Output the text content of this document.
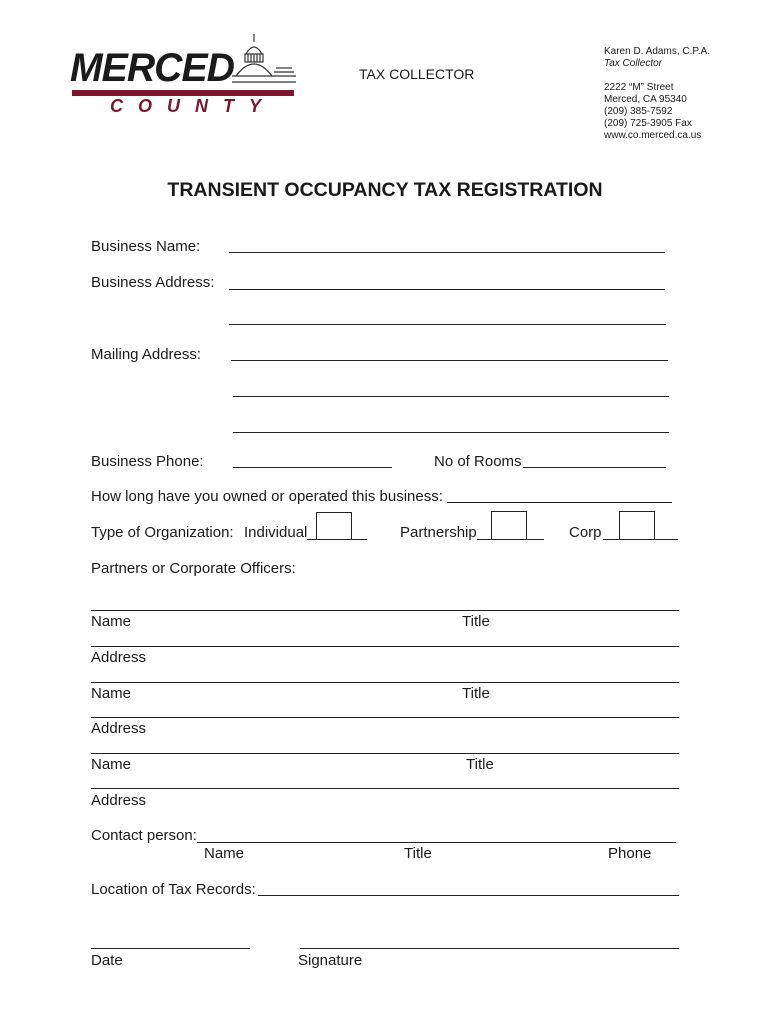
MERCED
COUNTY
TAX COLLECTOR
Karen D. Adams, C.P.A.
Tax Collector
2222 “M” Street
Merced, CA 95340
(209) 385-7592
(209) 725-3905 Fax
www.co.merced.ca.us
TRANSIENT OCCUPANCY TAX REGISTRATION
Business Name:
Business Address:
Mailing Address:
Business Phone:	No of Rooms
How long have you owned or operated this business:
Type of Organization: Individual	Partnership	Corp
Partners or Corporate Officers:
Name	Title
Address
Name	Title
Address
Name	Title
Address
Contact person:
Name	Title	Phone
Location of Tax Records:
Date	Signature
